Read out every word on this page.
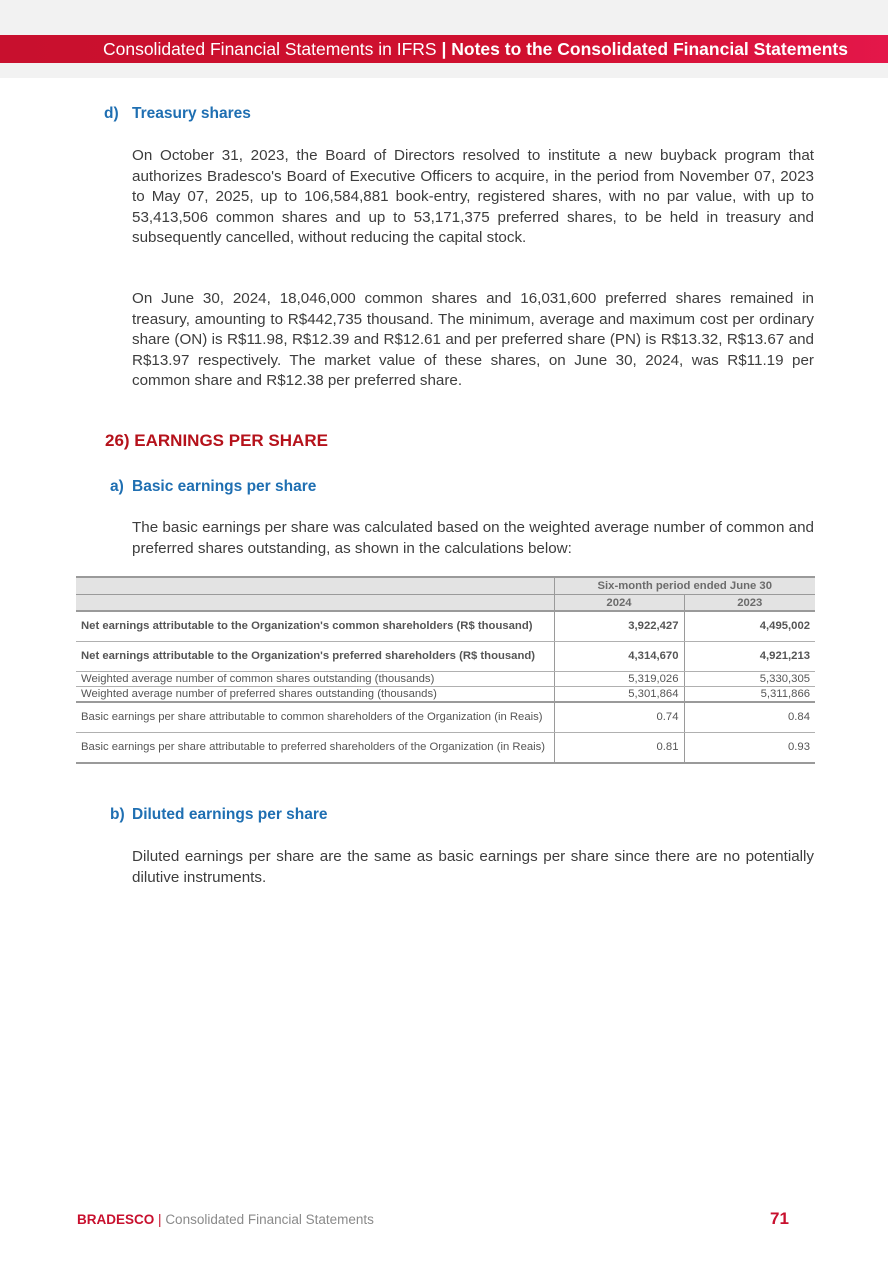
Consolidated Financial Statements in IFRS | Notes to the Consolidated Financial Statements
d) Treasury shares
On October 31, 2023, the Board of Directors resolved to institute a new buyback program that authorizes Bradesco's Board of Executive Officers to acquire, in the period from November 07, 2023 to May 07, 2025, up to 106,584,881 book-entry, registered shares, with no par value, with up to 53,413,506 common shares and up to 53,171,375 preferred shares, to be held in treasury and subsequently cancelled, without reducing the capital stock.
On June 30, 2024, 18,046,000 common shares and 16,031,600 preferred shares remained in treasury, amounting to R$442,735 thousand. The minimum, average and maximum cost per ordinary share (ON) is R$11.98, R$12.39 and R$12.61 and per preferred share (PN) is R$13.32, R$13.67 and R$13.97 respectively. The market value of these shares, on June 30, 2024, was R$11.19 per common share and R$12.38 per preferred share.
26) EARNINGS PER SHARE
a) Basic earnings per share
The basic earnings per share was calculated based on the weighted average number of common and preferred shares outstanding, as shown in the calculations below:
	Six-month period ended June 30	
	2024	2023
Net earnings attributable to the Organization's common shareholders (R$ thousand)	3,922,427	4,495,002
Net earnings attributable to the Organization's preferred shareholders (R$ thousand)	4,314,670	4,921,213
Weighted average number of common shares outstanding (thousands)	5,319,026	5,330,305
Weighted average number of preferred shares outstanding (thousands)	5,301,864	5,311,866
Basic earnings per share attributable to common shareholders of the Organization (in Reais)	0.74	0.84
Basic earnings per share attributable to preferred shareholders of the Organization (in Reais)	0.81	0.93
b) Diluted earnings per share
Diluted earnings per share are the same as basic earnings per share since there are no potentially dilutive instruments.
BRADESCO | Consolidated Financial Statements	71
